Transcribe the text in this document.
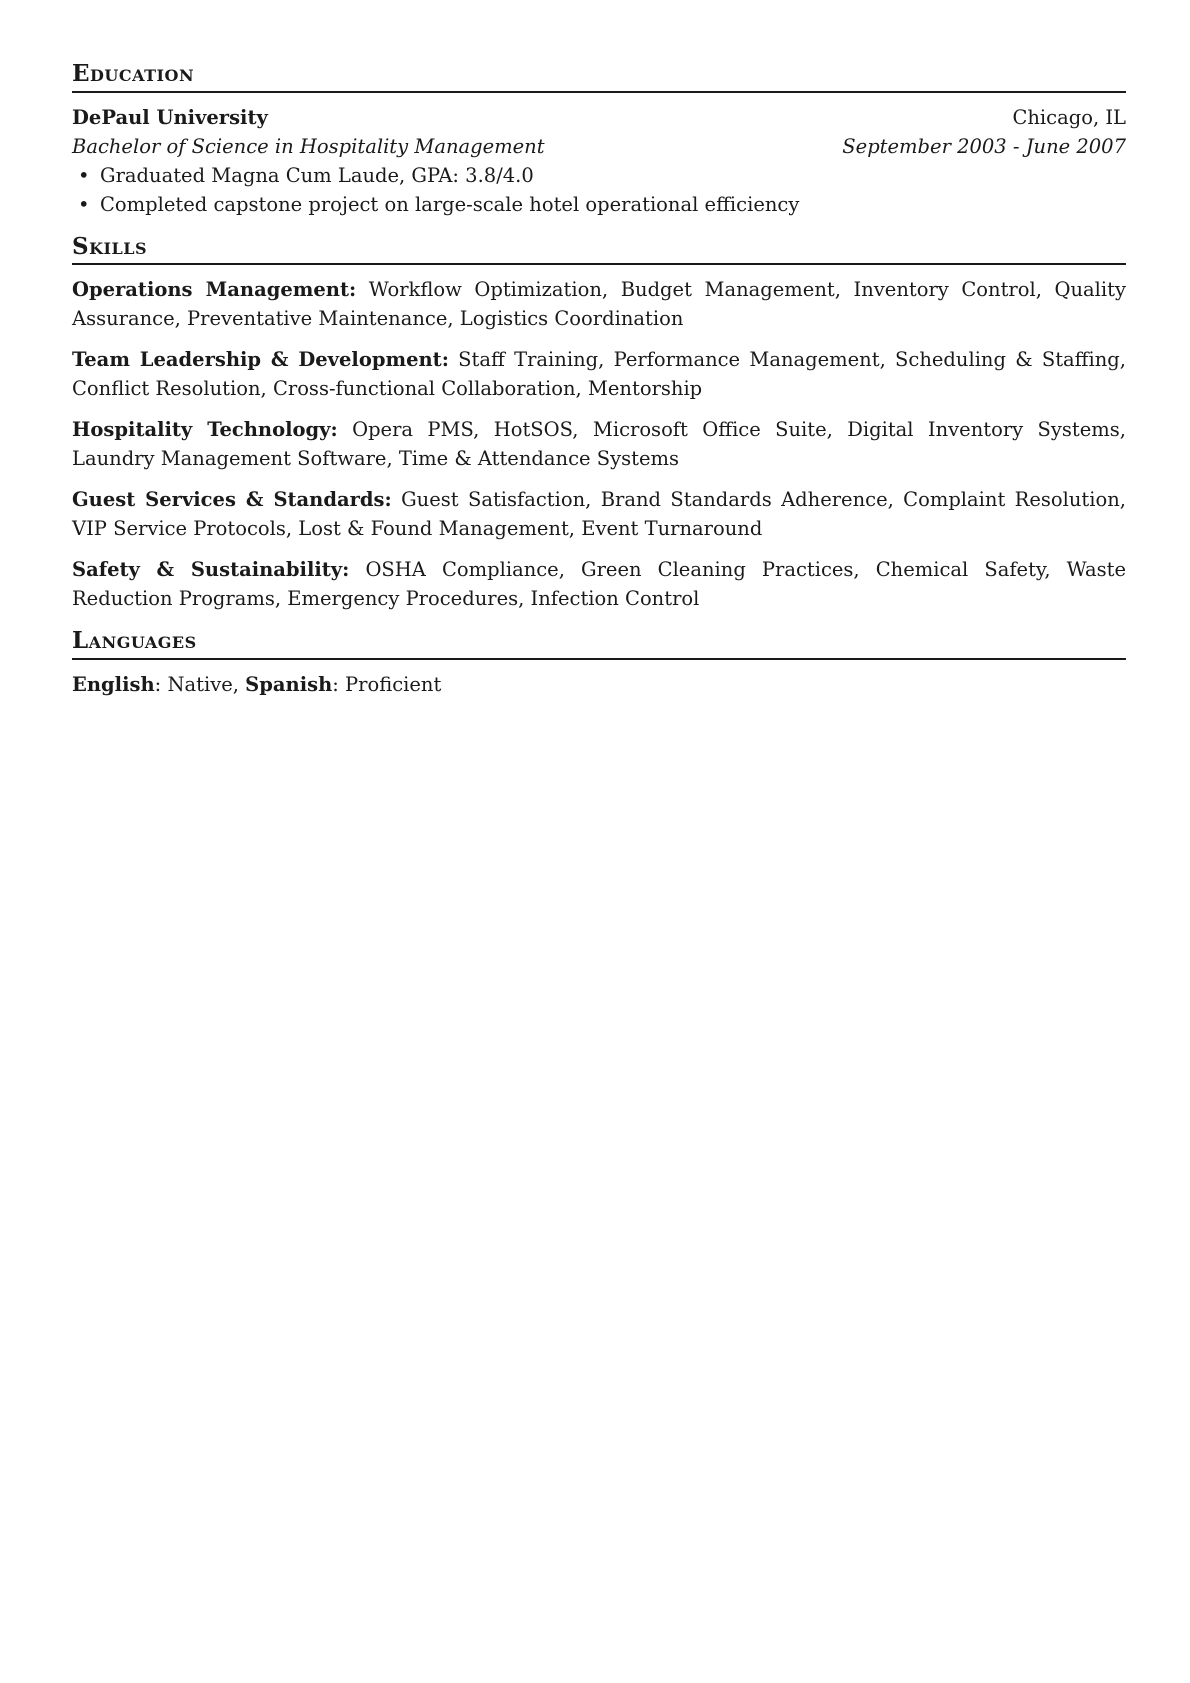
Education
DePaul University	Chicago, IL
Bachelor of Science in Hospitality Management	September 2003 - June 2007
• Graduated Magna Cum Laude, GPA: 3.8/4.0
• Completed capstone project on large-scale hotel operational efficiency
Skills
Operations Management: Workflow Optimization, Budget Management, Inventory Control, Quality Assurance, Preventative Maintenance, Logistics Coordination
Team Leadership & Development: Staff Training, Performance Management, Scheduling & Staffing, Conflict Resolution, Cross-functional Collaboration, Mentorship
Hospitality Technology: Opera PMS, HotSOS, Microsoft Office Suite, Digital Inventory Systems, Laundry Management Software, Time & Attendance Systems
Guest Services & Standards: Guest Satisfaction, Brand Standards Adherence, Complaint Resolution, VIP Service Protocols, Lost & Found Management, Event Turnaround
Safety & Sustainability: OSHA Compliance, Green Cleaning Practices, Chemical Safety, Waste Reduction Programs, Emergency Procedures, Infection Control
Languages
English: Native, Spanish: Proficient
